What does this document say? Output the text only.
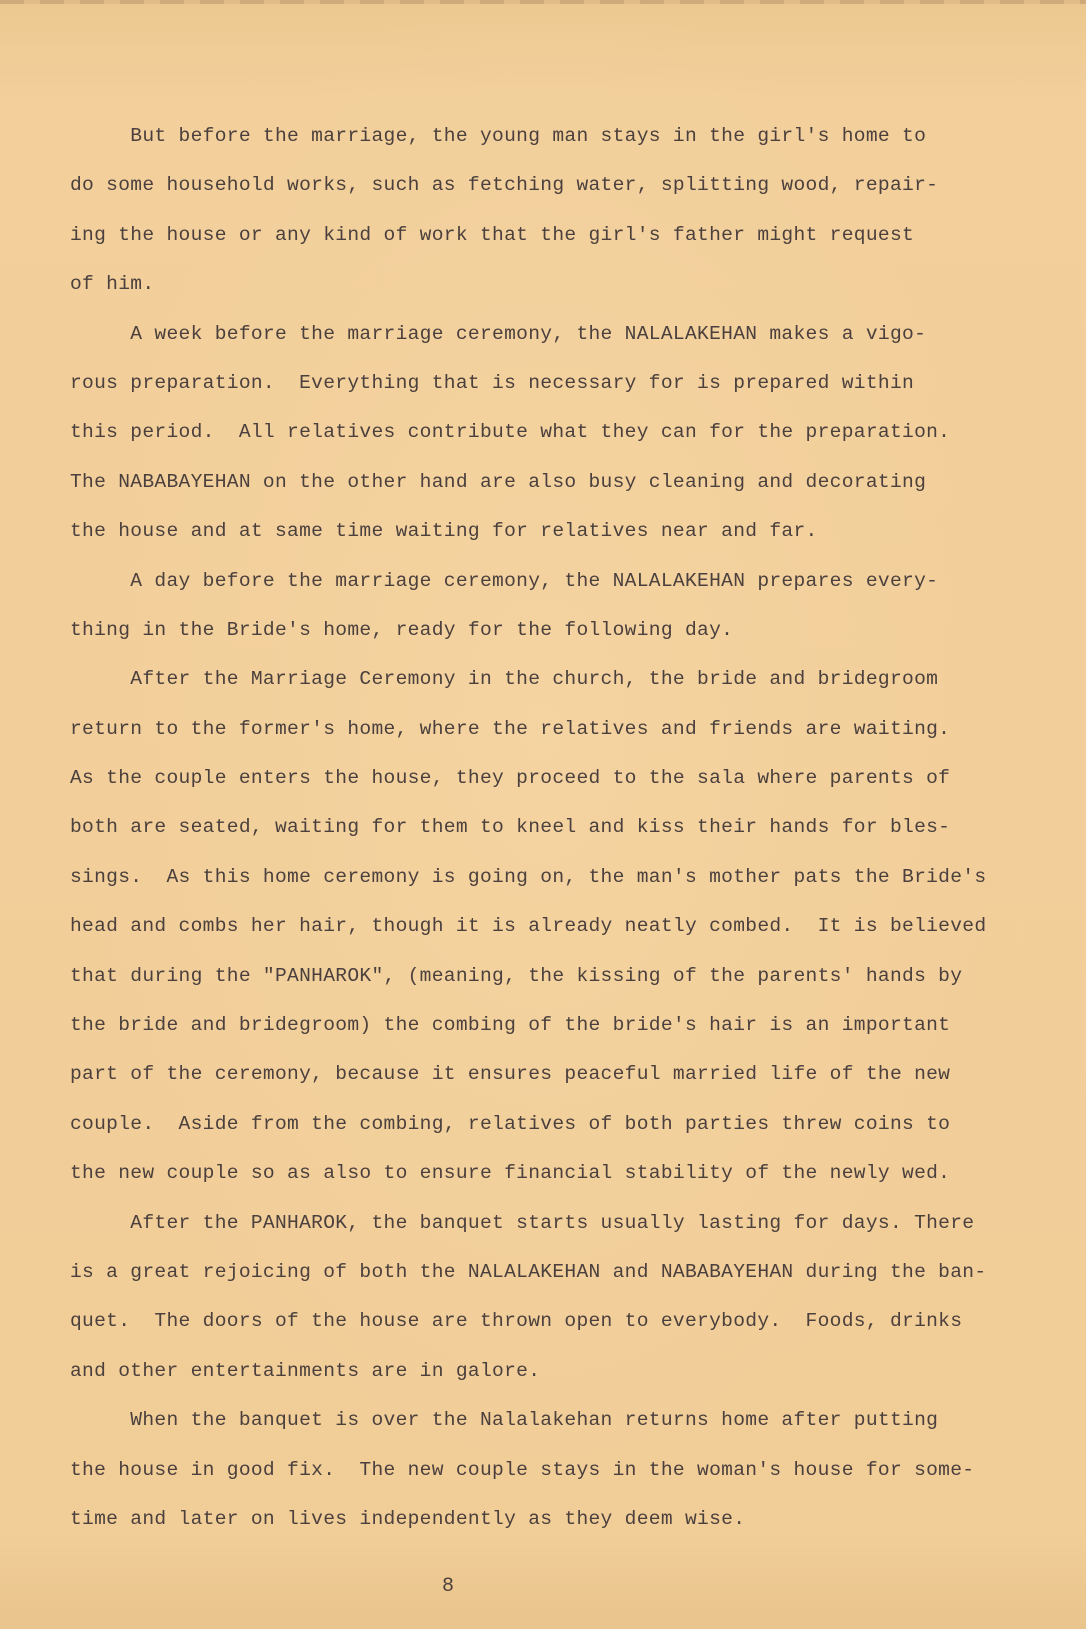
But before the marriage, the young man stays in the girl's home to
do some household works, such as fetching water, splitting wood, repair-
ing the house or any kind of work that the girl's father might request
of him.
A week before the marriage ceremony, the NALALAKEHAN makes a vigo-
rous preparation.  Everything that is necessary for is prepared within
this period.  All relatives contribute what they can for the preparation.
The NABABAYEHAN on the other hand are also busy cleaning and decorating
the house and at same time waiting for relatives near and far.
A day before the marriage ceremony, the NALALAKEHAN prepares every-
thing in the Bride's home, ready for the following day.
After the Marriage Ceremony in the church, the bride and bridegroom
return to the former's home, where the relatives and friends are waiting.
As the couple enters the house, they proceed to the sala where parents of
both are seated, waiting for them to kneel and kiss their hands for bles-
sings.  As this home ceremony is going on, the man's mother pats the Bride's
head and combs her hair, though it is already neatly combed.  It is believed
that during the "PANHAROK", (meaning, the kissing of the parents' hands by
the bride and bridegroom) the combing of the bride's hair is an important
part of the ceremony, because it ensures peaceful married life of the new
couple.  Aside from the combing, relatives of both parties threw coins to
the new couple so as also to ensure financial stability of the newly wed.
After the PANHAROK, the banquet starts usually lasting for days. There
is a great rejoicing of both the NALALAKEHAN and NABABAYEHAN during the ban-
quet.  The doors of the house are thrown open to everybody.  Foods, drinks
and other entertainments are in galore.
When the banquet is over the Nalalakehan returns home after putting
the house in good fix.  The new couple stays in the woman's house for some-
time and later on lives independently as they deem wise.
8
